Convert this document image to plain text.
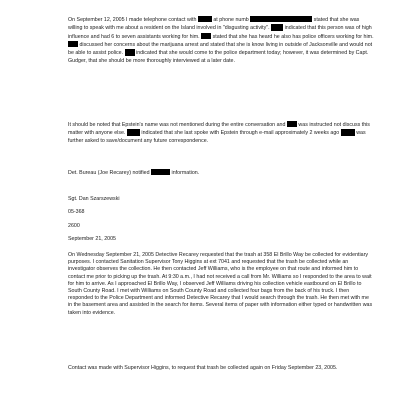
On September 12, 2005 I made telephone contact with	at phone numb	stated that she was willing to speak with me about a resident on the Island involved in "disgusting activity".	indicated that this person was of high influence and had 6 to seven assistants working for him. stated that she has heard he also has police officers working for him.  discussed her concerns about the marijuana arrest and stated that she is know living in outside of Jacksonville and would not be able to assist police. indicated that she would come to the police department today; however, it was determined by Capt. Gudger, that she should be more thoroughly interviewed at a later date.
It should be noted that Epstein's name was not mentioned during the entire conversation and was instructed not discuss this matter with anyone else.	indicated that she last spoke with Epstein through e-mail approximately 2 weeks ago	was further asked to save/document any future correspondence.
Det. Bureau (Joe Recarey) notified	information.
Sgt. Dan Szarszewski
05-368
2600
September 21, 2005
On Wednesday September 21, 2005 Detective Recarey requested that the trash at 358 El Brillo Way be collected for evidentiary purposes. I contacted Sanitation Supervisor Tony Higgins at ext 7041 and requested that the trash be collected while an investigator observes the collection. He then contacted Jeff Williams, who is the employee on that route and informed him to contact me prior to picking up the trash. At 9:30 a.m., I had not received a call from Mr. Williams so I responded to the area to wait for him to arrive. As I approached El Brillo Way, I observed Jeff Williams driving his collection vehicle eastbound on El Brillo to South County Road. I met with Williams on South County Road and collected four bags from the back of his truck. I then responded to the Police Department and informed Detective Recarey that I would search through the trash. He then met with me in the basement area and assisted in the search for items. Several items of paper with information either typed or handwritten was taken into evidence.
Contact was made with Supervisor Higgins, to request that trash be collected again on Friday September 23, 2005.
